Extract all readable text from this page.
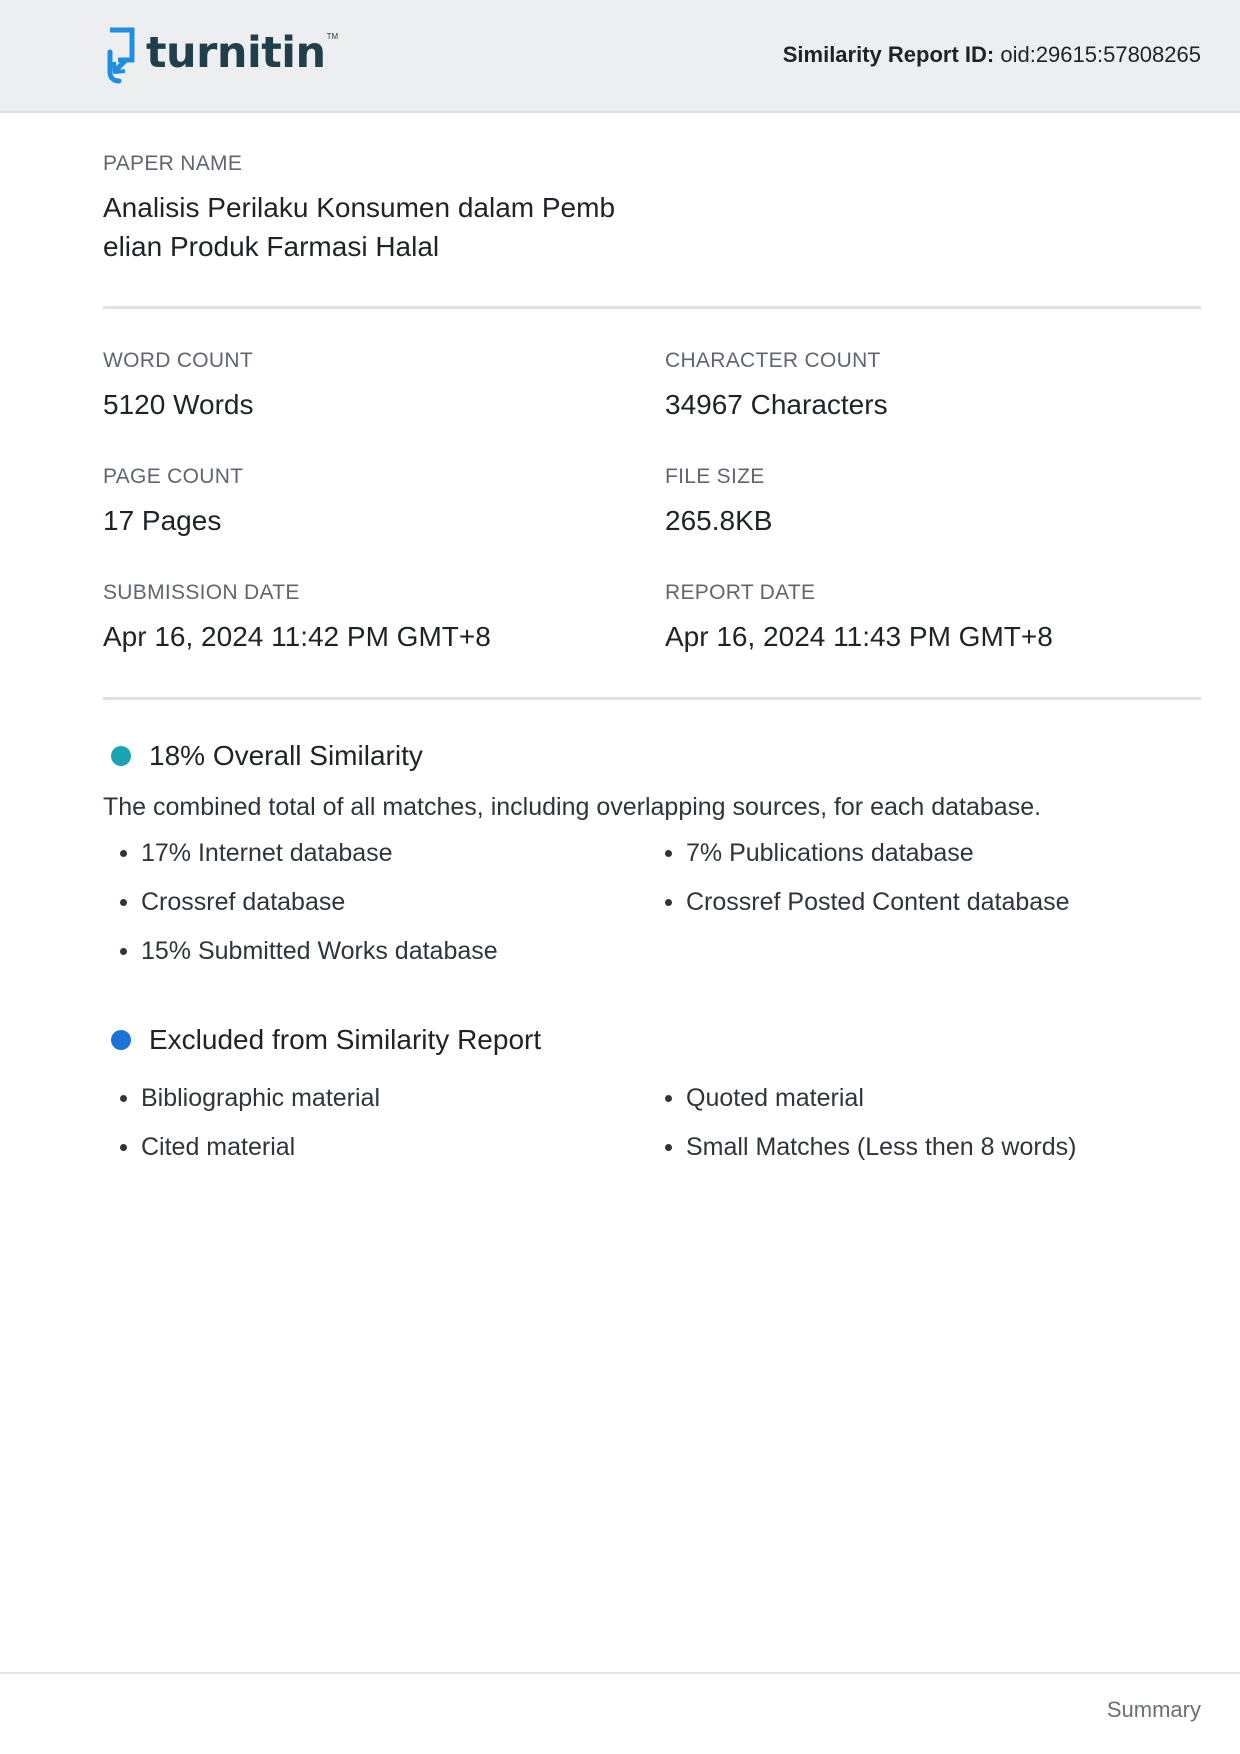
turnitin TM
Similarity Report ID: oid:29615:57808265
PAPER NAME
Analisis Perilaku Konsumen dalam Pemb
elian Produk Farmasi Halal
WORD COUNT
5120 Words
CHARACTER COUNT
34967 Characters
PAGE COUNT
17 Pages
FILE SIZE
265.8KB
SUBMISSION DATE
Apr 16, 2024 11:42 PM GMT+8
REPORT DATE
Apr 16, 2024 11:43 PM GMT+8
18% Overall Similarity
The combined total of all matches, including overlapping sources, for each database.
17% Internet database	7% Publications database
Crossref database	Crossref Posted Content database
15% Submitted Works database
Excluded from Similarity Report
Bibliographic material	Quoted material
Cited material	Small Matches (Less then 8 words)
Summary
